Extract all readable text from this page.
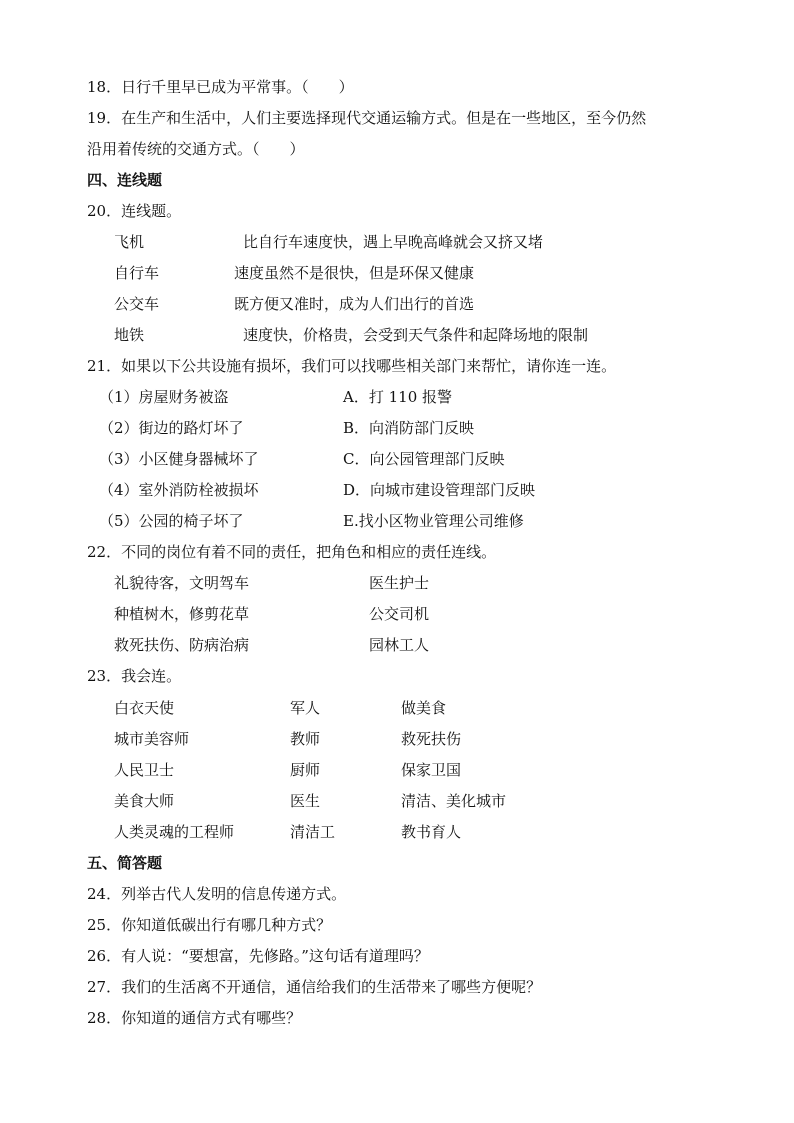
18．日行千里早已成为平常事。（　　）
19．在生产和生活中，人们主要选择现代交通运输方式。但是在一些地区，至今仍然
沿用着传统的交通方式。（　　）
四、连线题
20．连线题。
飞机	比自行车速度快，遇上早晚高峰就会又挤又堵
自行车	速度虽然不是很快，但是环保又健康
公交车	既方便又准时，成为人们出行的首选
地铁	速度快，价格贵，会受到天气条件和起降场地的限制
21．如果以下公共设施有损坏，我们可以找哪些相关部门来帮忙，请你连一连。
（1）房屋财务被盗	A．打 110 报警
（2）街边的路灯坏了	B．向消防部门反映
（3）小区健身器械坏了	C．向公园管理部门反映
（4）室外消防栓被损坏	D．向城市建设管理部门反映
（5）公园的椅子坏了	E.找小区物业管理公司维修
22．不同的岗位有着不同的责任，把角色和相应的责任连线。
礼貌待客，文明驾车	医生护士
种植树木，修剪花草	公交司机
救死扶伤、防病治病	园林工人
23．我会连。
白衣天使	军人	做美食
城市美容师	教师	救死扶伤
人民卫士	厨师	保家卫国
美食大师	医生	清洁、美化城市
人类灵魂的工程师	清洁工	教书育人
五、简答题
24．列举古代人发明的信息传递方式。
25．你知道低碳出行有哪几种方式？
26．有人说：“要想富，先修路。”这句话有道理吗？
27．我们的生活离不开通信，通信给我们的生活带来了哪些方便呢？
28．你知道的通信方式有哪些？
